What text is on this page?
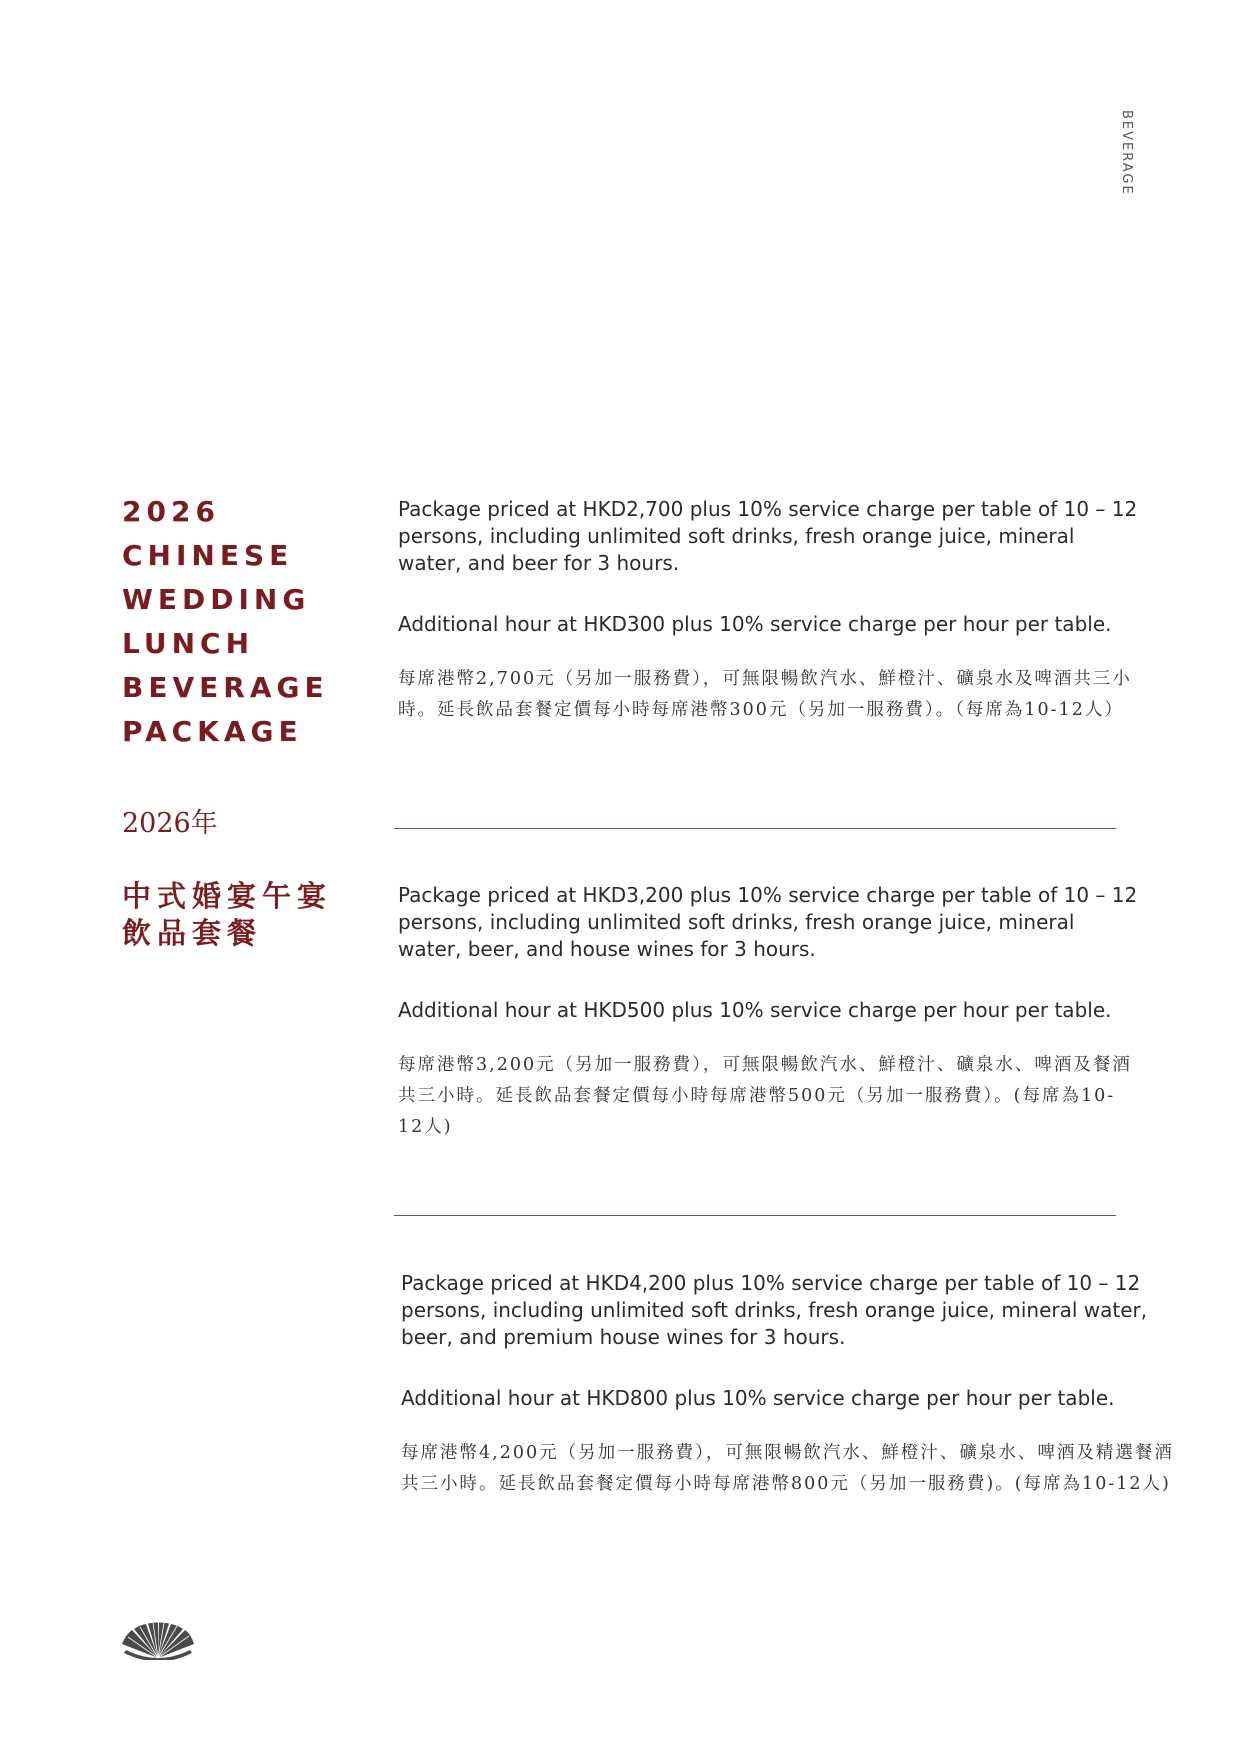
BEVERAGE

2026

CHINESE

WEDDING

LUNCH

BEVERAGE

PACKAGE

2026年
中式婚宴午宴
飲品套餐

Package priced at HKD2,700 plus 10% service charge per table of 10 – 12 persons, including unlimited soft drinks, fresh orange juice, mineral water, and beer for 3 hours.

Additional hour at HKD300 plus 10% service charge per hour per table.

每席港幣2,700元（另加一服務費），可無限暢飲汽水、鮮橙汁、礦泉水及啤酒共三小時。延長飲品套餐定價每小時每席港幣300元（另加一服務費）。（每席為10-12人）

Package priced at HKD3,200 plus 10% service charge per table of 10 – 12 persons, including unlimited soft drinks, fresh orange juice, mineral water, beer, and house wines for 3 hours.

Additional hour at HKD500 plus 10% service charge per hour per table.

每席港幣3,200元（另加一服務費），可無限暢飲汽水、鮮橙汁、礦泉水、啤酒及餐酒共三小時。延長飲品套餐定價每小時每席港幣500元（另加一服務費）。(每席為10-12人)

Package priced at HKD4,200 plus 10% service charge per table of 10 – 12 persons, including unlimited soft drinks, fresh orange juice, mineral water, beer, and premium house wines for 3 hours.

Additional hour at HKD800 plus 10% service charge per hour per table.

每席港幣4,200元（另加一服務費），可無限暢飲汽水、鮮橙汁、礦泉水、啤酒及精選餐酒共三小時。延長飲品套餐定價每小時每席港幣800元（另加一服務費)。(每席為10-12人)
